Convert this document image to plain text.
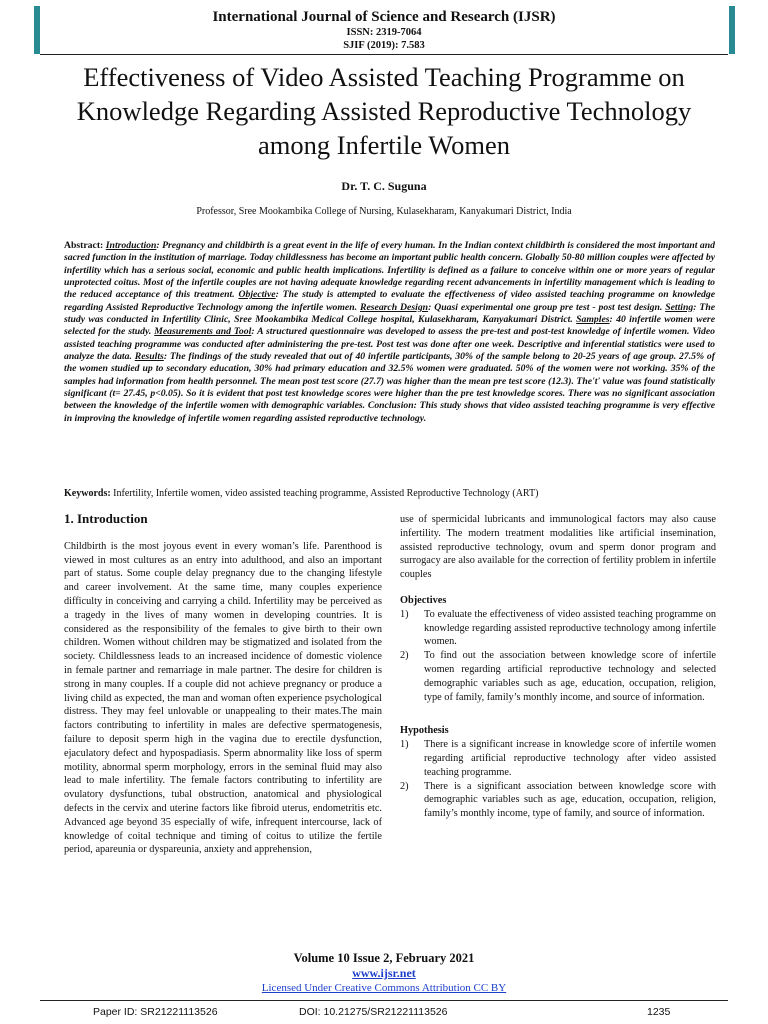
International Journal of Science and Research (IJSR)
ISSN: 2319-7064
SJIF (2019): 7.583
Effectiveness of Video Assisted Teaching Programme on Knowledge Regarding Assisted Reproductive Technology among Infertile Women
Dr. T. C. Suguna
Professor, Sree Mookambika College of Nursing, Kulasekharam, Kanyakumari District, India
Abstract: Introduction: Pregnancy and childbirth is a great event in the life of every human. In the Indian context childbirth is considered the most important and sacred function in the institution of marriage. Today childlessness has become an important public health concern. Globally 50-80 million couples were affected by infertility which has a serious social, economic and public health implications. Infertility is defined as a failure to conceive within one or more years of regular unprotected coitus. Most of the infertile couples are not having adequate knowledge regarding recent advancements in infertility management which is leading to the reduced acceptance of this treatment. Objective: The study is attempted to evaluate the effectiveness of video assisted teaching programme on knowledge regarding Assisted Reproductive Technology among the infertile women. Research Design: Quasi experimental one group pre test - post test design. Setting: The study was conducted in Infertility Clinic, Sree Mookambika Medical College hospital, Kulasekharam, Kanyakumari District. Samples: 40 infertile women were selected for the study. Measurements and Tool: A structured questionnaire was developed to assess the pre-test and post-test knowledge of infertile women. Video assisted teaching programme was conducted after administering the pre-test. Post test was done after one week. Descriptive and inferential statistics were used to analyze the data. Results: The findings of the study revealed that out of 40 infertile participants, 30% of the sample belong to 20-25 years of age group. 27.5% of the women studied up to secondary education, 30% had primary education and 32.5% women were graduated. 50% of the women were not working. 35% of the samples had information from health personnel. The mean post test score (27.7) was higher than the mean pre test score (12.3). The't' value was found statistically significant (t= 27.45, p<0.05). So it is evident that post test knowledge scores were higher than the pre test knowledge scores. There was no significant association between the knowledge of the infertile women with demographic variables. Conclusion: This study shows that video assisted teaching programme is very effective in improving the knowledge of infertile women regarding assisted reproductive technology.
Keywords: Infertility, Infertile women, video assisted teaching programme, Assisted Reproductive Technology (ART)
1. Introduction

Childbirth is the most joyous event in every woman’s life. Parenthood is viewed in most cultures as an entry into adulthood, and also an important part of status. Some couple delay pregnancy due to the changing lifestyle and career involvement. At the same time, many couples experience difficulty in conceiving and carrying a child. Infertility may be perceived as a tragedy in the lives of many women in developing countries. It is considered as the responsibility of the females to give birth to their own children. Women without children may be stigmatized and isolated from the society. Childlessness leads to an increased incidence of domestic violence in female partner and remarriage in male partner. The desire for children is strong in many couples. If a couple did not achieve pregnancy or produce a living child as expected, the man and woman often experience psychological distress. They may feel unlovable or unappealing to their mates.The main factors contributing to infertility in males are defective spermatogenesis, failure to deposit sperm high in the vagina due to erectile dysfunction, ejaculatory defect and hypospadiasis. Sperm abnormality like loss of sperm motility, abnormal sperm morphology, errors in the seminal fluid may also lead to male infertility. The female factors contributing to infertility are ovulatory dysfunctions, tubal obstruction, anatomical and physiological defects in the cervix and uterine factors like fibroid uterus, endometritis etc. Advanced age beyond 35 especially of wife, infrequent intercourse, lack of knowledge of coital technique and timing of coitus to utilize the fertile period, apareunia or dyspareunia, anxiety and apprehension,

use of spermicidal lubricants and immunological factors may also cause infertility. The modern treatment modalities like artificial insemination, assisted reproductive technology, ovum and sperm donor program and surrogacy are also available for the correction of fertility problem in infertile couples

Objectives
1) To evaluate the effectiveness of video assisted teaching programme on knowledge regarding assisted reproductive technology among infertile women.
2) To find out the association between knowledge score of infertile women regarding artificial reproductive technology and selected demographic variables such as age, education, occupation, religion, type of family, family’s monthly income, and source of information.
Hypothesis
1) There is a significant increase in knowledge score of infertile women regarding artificial reproductive technology after video assisted teaching programme.
2) There is a significant association between knowledge score with demographic variables such as age, education, occupation, religion, family’s monthly income, type of family, and source of information.
Volume 10 Issue 2, February 2021
www.ijsr.net
Licensed Under Creative Commons Attribution CC BY
Paper ID: SR21221113526	DOI: 10.21275/SR21221113526	1235
